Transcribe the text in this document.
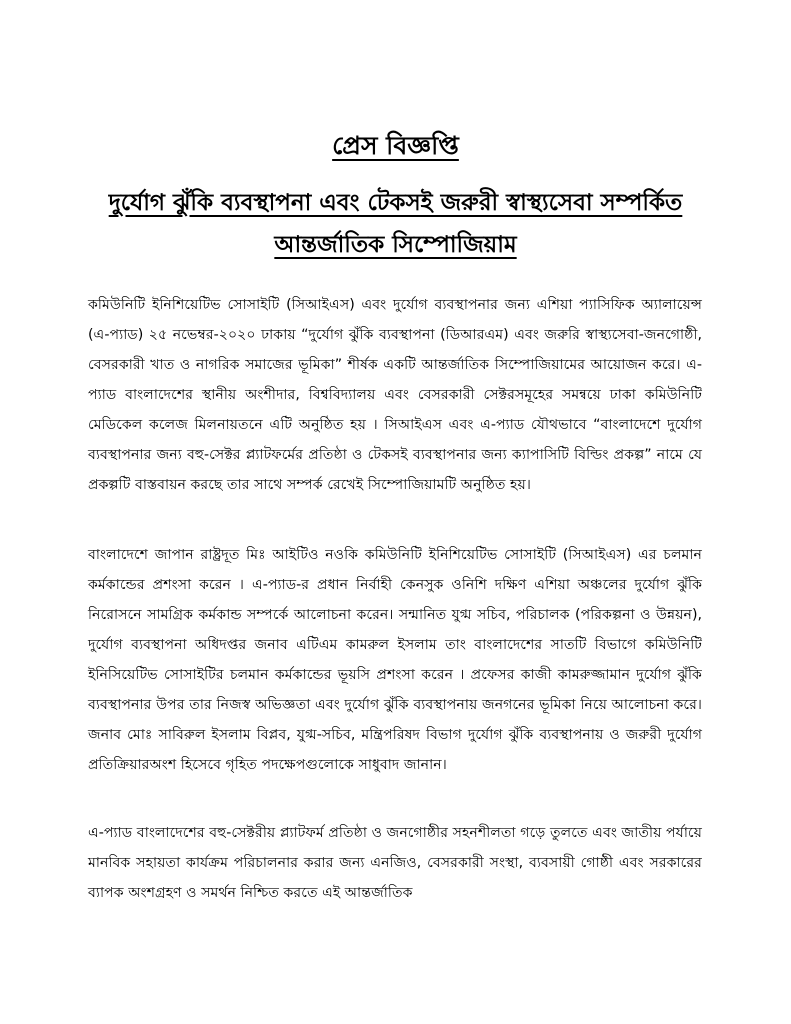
প্রেস বিজ্ঞপ্তি
দুর্যোগ ঝুঁকি ব্যবস্থাপনা এবং টেকসই জরুরী স্বাস্থ্যসেবা সম্পর্কিত
আন্তর্জাতিক সিম্পোজিয়াম

কমিউনিটি ইনিশিয়েটিভ সোসাইটি (সিআইএস) এবং দুর্যোগ ব্যবস্থাপনার জন্য এশিয়া প্যাসিফিক অ্যালায়েন্স (এ-প্যাড) ২৫ নভেম্বর-২০২০ ঢাকায় “দুর্যোগ ঝুঁকি ব্যবস্থাপনা (ডিআরএম) এবং জরুরি স্বাস্থ্যসেবা-জনগোষ্ঠী, বেসরকারী খাত ও নাগরিক সমাজের ভূমিকা” শীর্ষক একটি আন্তর্জাতিক সিম্পোজিয়ামের আয়োজন করে। এ-প্যাড বাংলাদেশের স্থানীয় অংশীদার, বিশ্ববিদ্যালয় এবং বেসরকারী সেক্টরসমূহের সমন্বয়ে ঢাকা কমিউনিটি মেডিকেল কলেজ মিলনায়তনে এটি অনুষ্ঠিত হয় । সিআইএস এবং এ-প্যাড যৌথভাবে “বাংলাদেশে দুর্যোগ ব্যবস্থাপনার জন্য বহু-সেক্টর প্ল্যাটফর্মের প্রতিষ্ঠা ও টেকসই ব্যবস্থাপনার জন্য ক্যাপাসিটি বিল্ডিং প্রকল্প” নামে যে প্রকল্পটি বাস্তবায়ন করছে তার সাথে সম্পর্ক রেখেই সিম্পোজিয়ামটি অনুষ্ঠিত হয়।

বাংলাদেশে জাপান রাষ্ট্রদূত মিঃ আইটিও নওকি কমিউনিটি ইনিশিয়েটিভ সোসাইটি (সিআইএস) এর চলমান কর্মকান্ডের প্রশংসা করেন । এ-প্যাড-র প্রধান নির্বাহী কেনসুক ওনিশি দক্ষিণ এশিয়া অঞ্চলের দুর্যোগ ঝুঁকি নিরোসনে সামগ্রিক কর্মকান্ড সম্পর্কে আলোচনা করেন। সন্মানিত যুগ্ম সচিব, পরিচালক (পরিকল্পনা ও উন্নয়ন), দুর্যোগ ব্যবস্থাপনা অধিদপ্তর জনাব এটিএম কামরুল ইসলাম তাং বাংলাদেশের সাতটি বিভাগে কমিউনিটি ইনিসিয়েটিভ সোসাইটির চলমান কর্মকান্ডের ভূয়সি প্রশংসা করেন । প্রফেসর কাজী কামরুজ্জামান দুর্যোগ ঝুঁকি ব্যবস্থাপনার উপর তার নিজস্ব অভিজ্ঞতা এবং দুর্যোগ ঝুঁকি ব্যবস্থাপনায় জনগনের ভূমিকা নিয়ে আলোচনা করে।জনাব মোঃ সাবিরুল ইসলাম বিপ্লব, যুগ্ম-সচিব, মন্ত্রিপরিষদ বিভাগ দুর্যোগ ঝুঁকি ব্যবস্থাপনায় ও জরুরী দুর্যোগ প্রতিক্রিয়ারঅংশ হিসেবে গৃহিত পদক্ষেপগুলোকে সাধুবাদ জানান।

এ-প্যাড বাংলাদেশের বহু-সেক্টরীয় প্ল্যাটফর্ম প্রতিষ্ঠা ও জনগোষ্ঠীর সহনশীলতা গড়ে তুলতে এবং জাতীয় পর্যায়ে মানবিক সহায়তা কার্যক্রম পরিচালনার করার জন্য এনজিও, বেসরকারী সংস্থা, ব্যবসায়ী গোষ্ঠী এবং সরকারের ব্যাপক অংশগ্রহণ ও সমর্থন নিশ্চিত করতে এই আন্তর্জাতিক
